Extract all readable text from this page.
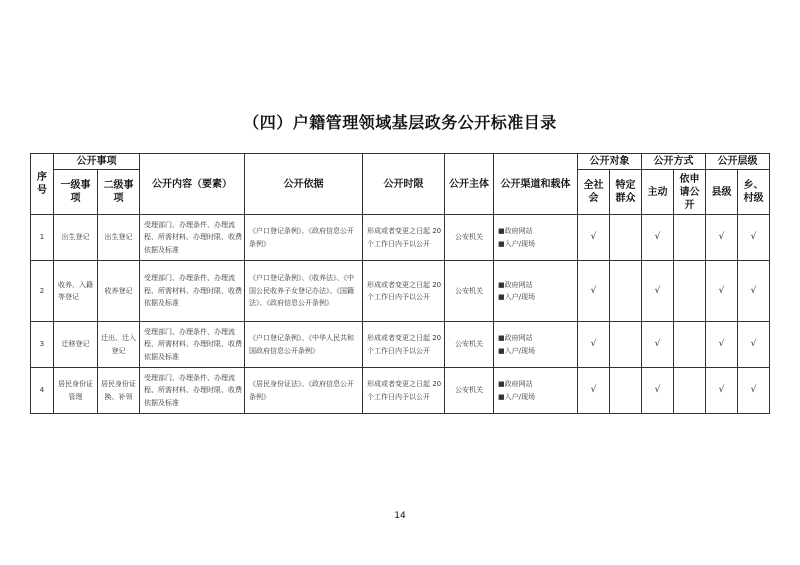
（四）户籍管理领域基层政务公开标准目录
序号	公开事项		公开内容（要素）	公开依据	公开时限	公开主体	公开渠道和载体	公开对象		公开方式		公开层级	
	一级事项	二级事项						全社会	特定群众	主动	依申请公开	县级	乡、村级
1	出生登记	出生登记	受理部门、办理条件、办理流程、所需材料、办理时限、收费依据及标准	《户口登记条例》、《政府信息公开条例》	形成或者变更之日起 20 个工作日内予以公开	公安机关	■政府网站
■入户/现场	√		√		√	√
2	收养、入籍等登记	收养登记	受理部门、办理条件、办理流程、所需材料、办理时限、收费依据及标准	《户口登记条例》、《收养法》、《中国公民收养子女登记办法》、《国籍法》、《政府信息公开条例》	形成或者变更之日起 20 个工作日内予以公开	公安机关	■政府网站
■入户/现场	√		√		√	√
3	迁移登记	迁出、迁入登记	受理部门、办理条件、办理流程、所需材料、办理时限、收费依据及标准	《户口登记条例》、《中华人民共和国政府信息公开条例》	形成或者变更之日起 20 个工作日内予以公开	公安机关	■政府网站
■入户/现场	√		√		√	√
4	居民身份证管理	居民身份证换、补领	受理部门、办理条件、办理流程、所需材料、办理时限、收费依据及标准	《居民身份证法》、《政府信息公开条例》	形成或者变更之日起 20 个工作日内予以公开	公安机关	■政府网站
■入户/现场	√		√		√	√
14
